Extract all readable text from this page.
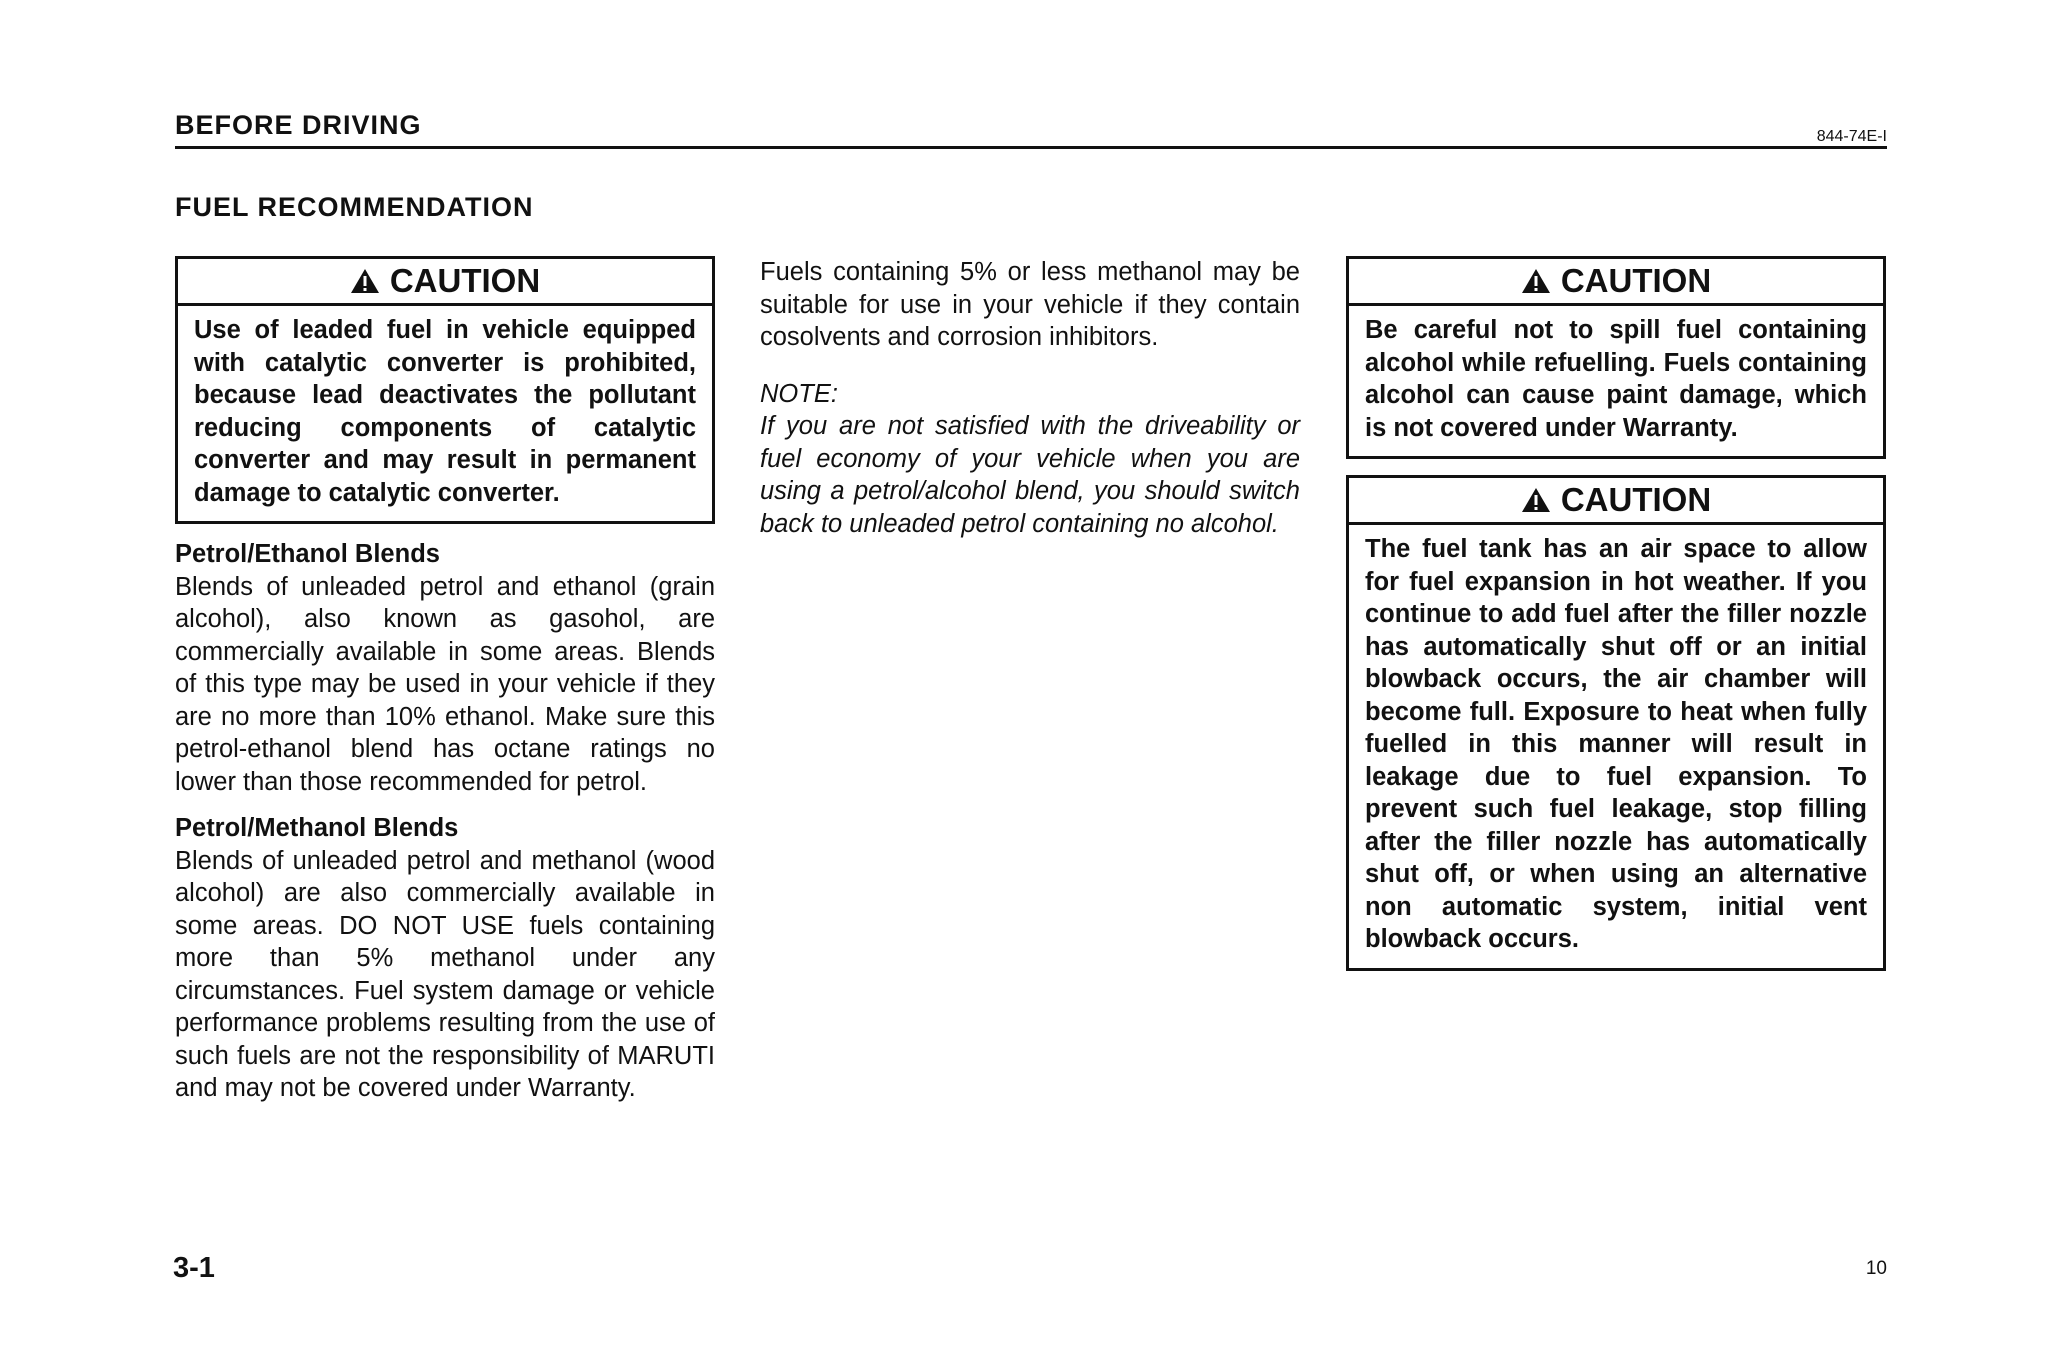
BEFORE DRIVING	844-74E-I
FUEL RECOMMENDATION
CAUTION
Use of leaded fuel in vehicle equipped with catalytic converter is prohibited, because lead deactivates the pollutant reducing components of catalytic converter and may result in permanent damage to catalytic converter.
Petrol/Ethanol Blends
Blends of unleaded petrol and ethanol (grain alcohol), also known as gasohol, are commercially available in some areas. Blends of this type may be used in your vehicle if they are no more than 10% ethanol. Make sure this petrol-ethanol blend has octane ratings no lower than those recommended for petrol.
Petrol/Methanol Blends
Blends of unleaded petrol and methanol (wood alcohol) are also commercially available in some areas. DO NOT USE fuels containing more than 5% methanol under any circumstances. Fuel system damage or vehicle performance problems resulting from the use of such fuels are not the responsibility of MARUTI and may not be covered under Warranty.
Fuels containing 5% or less methanol may be suitable for use in your vehicle if they contain cosolvents and corrosion inhibitors.
NOTE:
If you are not satisfied with the driveability or fuel economy of your vehicle when you are using a petrol/alcohol blend, you should switch back to unleaded petrol containing no alcohol.
CAUTION
Be careful not to spill fuel containing alcohol while refuelling. Fuels containing alcohol can cause paint damage, which is not covered under Warranty.
CAUTION
The fuel tank has an air space to allow for fuel expansion in hot weather. If you continue to add fuel after the filler nozzle has automatically shut off or an initial blowback occurs, the air chamber will become full. Exposure to heat when fully fuelled in this manner will result in leakage due to fuel expansion. To prevent such fuel leakage, stop filling after the filler nozzle has automatically shut off, or when using an alternative non automatic system, initial vent blowback occurs.
3-1	10
